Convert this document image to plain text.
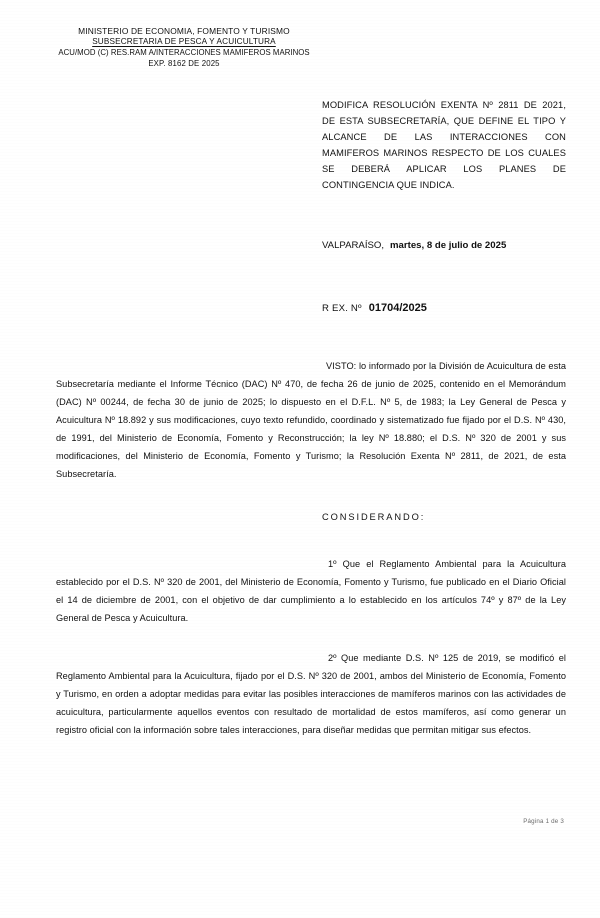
MINISTERIO DE ECONOMIA, FOMENTO Y TURISMO
SUBSECRETARIA DE PESCA Y ACUICULTURA
ACU/MOD (C) RES.RAM A/INTERACCIONES MAMIFEROS MARINOS
EXP. 8162 DE 2025
MODIFICA RESOLUCIÓN EXENTA Nº 2811 DE 2021, DE ESTA SUBSECRETARÍA, QUE DEFINE EL TIPO Y ALCANCE DE LAS INTERACCIONES CON MAMIFEROS MARINOS RESPECTO DE LOS CUALES SE DEBERÁ APLICAR LOS PLANES DE CONTINGENCIA QUE INDICA.
VALPARAÍSO, martes, 8 de julio de 2025
R EX. Nº 01704/2025
VISTO: lo informado por la División de Acuicultura de esta Subsecretaría mediante el Informe Técnico (DAC) Nº 470, de fecha 26 de junio de 2025, contenido en el Memorándum (DAC) Nº 00244, de fecha 30 de junio de 2025; lo dispuesto en el D.F.L. Nº 5, de 1983; la Ley General de Pesca y Acuicultura Nº 18.892 y sus modificaciones, cuyo texto refundido, coordinado y sistematizado fue fijado por el D.S. Nº 430, de 1991, del Ministerio de Economía, Fomento y Reconstrucción; la ley Nº 18.880; el D.S. Nº 320 de 2001 y sus modificaciones, del Ministerio de Economía, Fomento y Turismo; la Resolución Exenta Nº 2811, de 2021, de esta Subsecretaría.
CONSIDERANDO:
1º Que el Reglamento Ambiental para la Acuicultura establecido por el D.S. Nº 320 de 2001, del Ministerio de Economía, Fomento y Turismo, fue publicado en el Diario Oficial el 14 de diciembre de 2001, con el objetivo de dar cumplimiento a lo establecido en los artículos 74º y 87º de la Ley General de Pesca y Acuicultura.
2º Que mediante D.S. Nº 125 de 2019, se modificó el Reglamento Ambiental para la Acuicultura, fijado por el D.S. Nº 320 de 2001, ambos del Ministerio de Economía, Fomento y Turismo, en orden a adoptar medidas para evitar las posibles interacciones de mamíferos marinos con las actividades de acuicultura, particularmente aquellos eventos con resultado de mortalidad de estos mamíferos, así como generar un registro oficial con la información sobre tales interacciones, para diseñar medidas que permitan mitigar sus efectos.
Página 1 de 3
